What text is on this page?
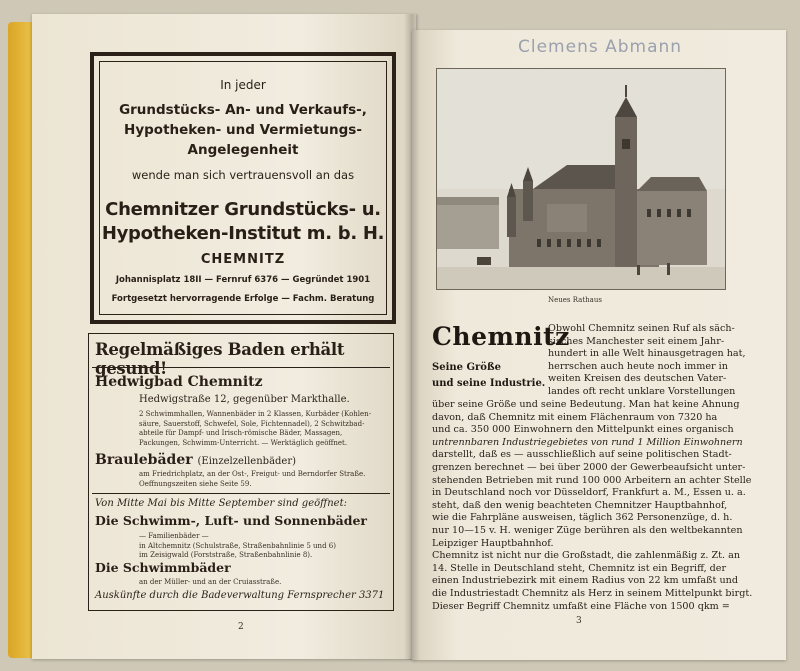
In jeder
Grundstücks- An- und Verkaufs-,
Hypotheken- und Vermietungs-
Angelegenheit
wende man sich vertrauensvoll an das
Chemnitzer Grundstücks- u.
Hypotheken-Institut m. b. H.
CHEMNITZ
Johannisplatz 18II — Fernruf 6376 — Gegründet 1901
Fortgesetzt hervorragende Erfolge — Fachm. Beratung
Regelmäßiges Baden erhält gesund!
Hedwigbad Chemnitz
Hedwigstraße 12, gegenüber Markthalle.
2 Schwimmhallen, Wannenbäder in 2 Klassen, Kurbäder (Kohlen-
säure, Sauerstoff, Schwefel, Sole, Fichtennadel), 2 Schwitzbad-
abteile für Dampf- und Irisch-römische Bäder, Massagen,
Packungen, Schwimm-Unterricht. — Werktäglich geöffnet.
Braulebäder (Einzelzellenbäder)
am Friedrichplatz, an der Ost-, Freigut- und Berndorfer Straße.
Oeffnungszeiten siehe Seite 59.
Von Mitte Mai bis Mitte September sind geöffnet:
Die Schwimm-, Luft- und Sonnenbäder
— Familienbäder —
in Altchemnitz (Schulstraße, Straßenbahnlinie 5 und 6)
im Zeisigwald (Forststraße, Straßenbahnlinie 8).
Die Schwimmbäder
an der Müller- und an der Cruiasstraße.
Auskünfte durch die Badeverwaltung Fernsprecher 3371
2
Clemens Abmann
Neues Rathaus
Chemnitz
Seine Größe
und seine Industrie.
Obwohl Chemnitz seinen Ruf als säch-
sisches Manchester seit einem Jahr-
hundert in alle Welt hinausgetragen hat,
herrschen auch heute noch immer in
weiten Kreisen des deutschen Vater-
landes oft recht unklare Vorstellungen
über seine Größe und seine Bedeutung. Man hat keine Ahnung
davon, daß Chemnitz mit einem Flächenraum von 7320 ha
und ca. 350 000 Einwohnern den Mittelpunkt eines organisch
untrennbaren Industriegebietes von rund 1 Million Einwohnern
darstellt, daß es — ausschließlich auf seine politischen Stadt-
grenzen berechnet — bei über 2000 der Gewerbeaufsicht unter-
stehenden Betrieben mit rund 100 000 Arbeitern an achter Stelle
in Deutschland noch vor Düsseldorf, Frankfurt a. M., Essen u. a.
steht, daß den wenig beachteten Chemnitzer Hauptbahnhof,
wie die Fahrpläne ausweisen, täglich 362 Personenzüge, d. h.
nur 10—15 v. H. weniger Züge berühren als den weltbekannten
Leipziger Hauptbahnhof.
Chemnitz ist nicht nur die Großstadt, die zahlenmäßig z. Zt. an
14. Stelle in Deutschland steht, Chemnitz ist ein Begriff, der
einen Industriebezirk mit einem Radius von 22 km umfaßt und
die Industriestadt Chemnitz als Herz in seinem Mittelpunkt birgt.
Dieser Begriff Chemnitz umfaßt eine Fläche von 1500 qkm =
3
